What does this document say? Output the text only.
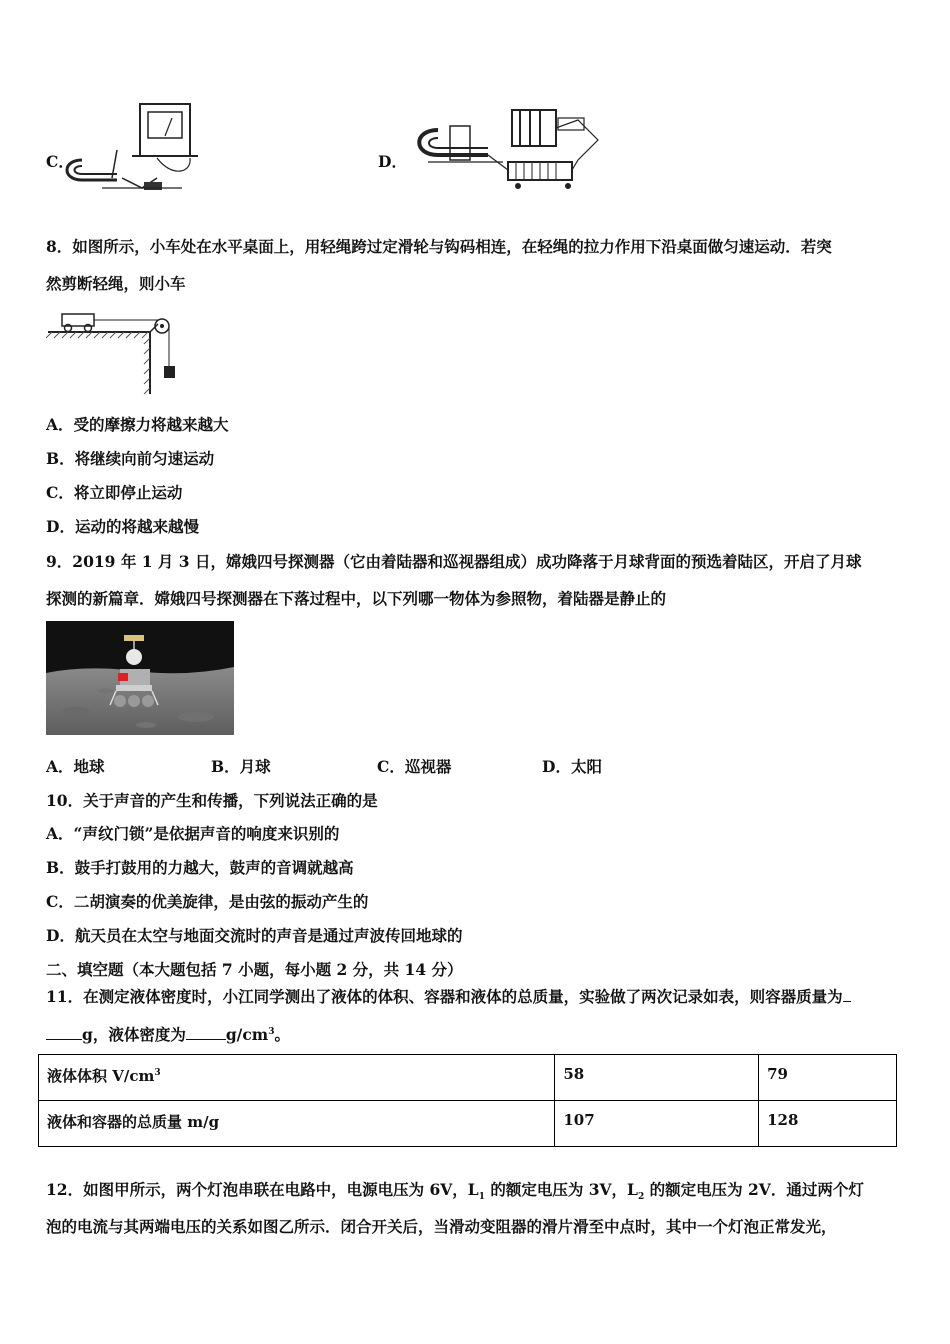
C．	D．
8．如图所示，小车处在水平桌面上，用轻绳跨过定滑轮与钩码相连，在轻绳的拉力作用下沿桌面做匀速运动．若突
然剪断轻绳，则小车
A．受的摩擦力将越来越大
B．将继续向前匀速运动
C．将立即停止运动
D．运动的将越来越慢
9．2019 年 1 月 3 日，嫦娥四号探测器（它由着陆器和巡视器组成）成功降落于月球背面的预选着陆区，开启了月球
探测的新篇章．嫦娥四号探测器在下落过程中，以下列哪一物体为参照物，着陆器是静止的
A．地球	B．月球	C．巡视器	D．太阳
10．关于声音的产生和传播，下列说法正确的是
A．“声纹门锁”是依据声音的响度来识别的
B．鼓手打鼓用的力越大，鼓声的音调就越高
C．二胡演奏的优美旋律，是由弦的振动产生的
D．航天员在太空与地面交流时的声音是通过声波传回地球的
二、填空题（本大题包括 7 小题，每小题 2 分，共 14 分）
11．在测定液体密度时，小江同学测出了液体的体积、容器和液体的总质量，实验做了两次记录如表，则容器质量为
g，液体密度为	$g/cm^3$。
液体体积 $V/cm^3$	58	79
液体和容器的总质量 m/g	107	128
12．如图甲所示，两个灯泡串联在电路中，电源电压为 6V，$L_1$ 的额定电压为 3V，$L_2$ 的额定电压为 2V．通过两个灯
泡的电流与其两端电压的关系如图乙所示．闭合开关后，当滑动变阻器的滑片滑至中点时，其中一个灯泡正常发光，
